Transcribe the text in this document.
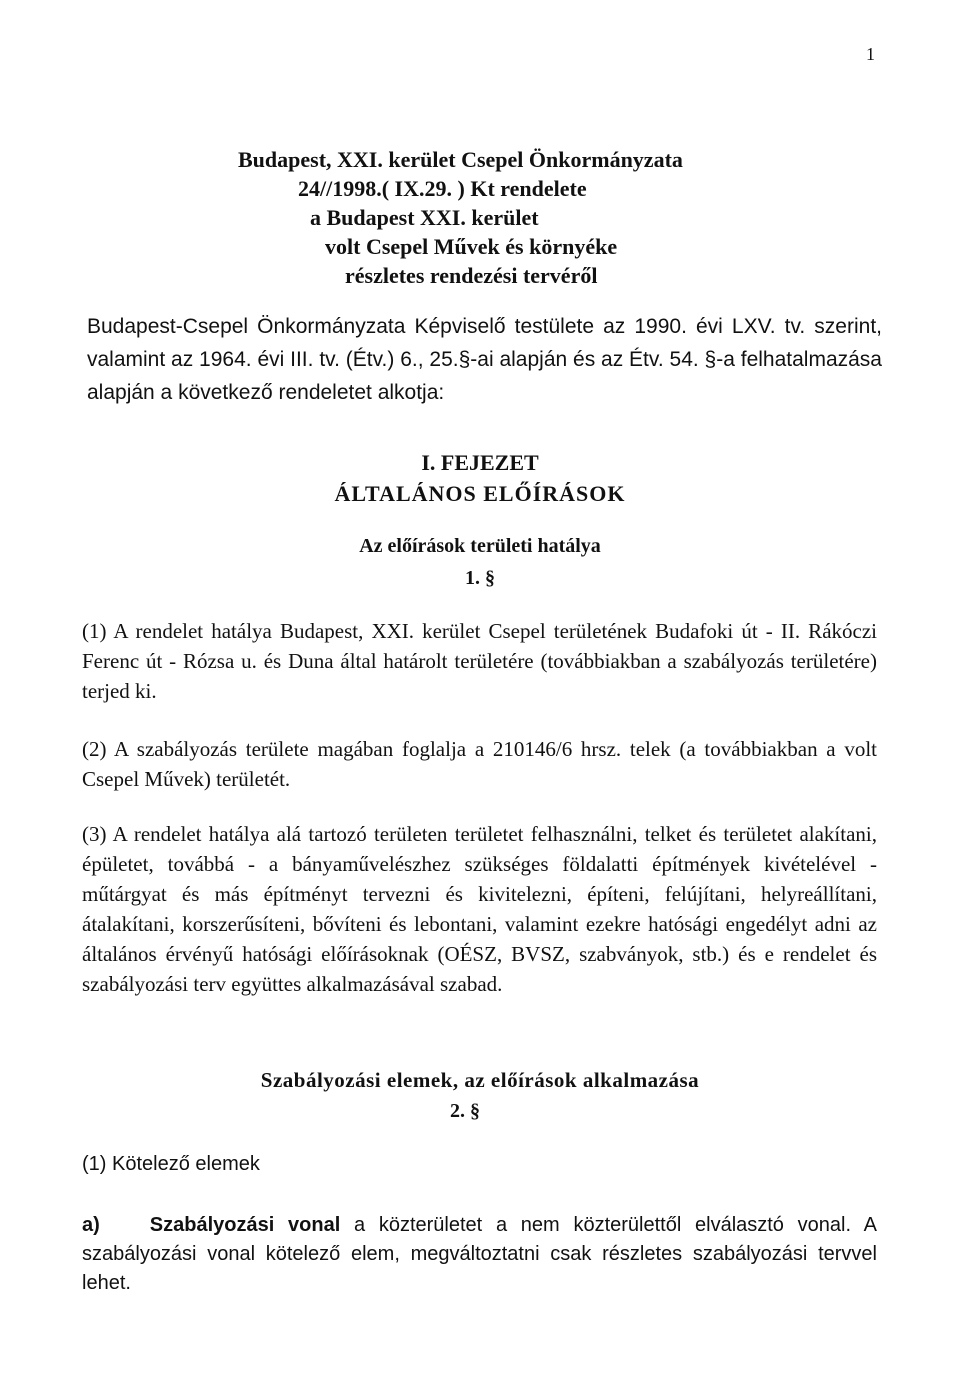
1
Budapest, XXI. kerület Csepel Önkormányzata
24//1998.( IX.29. ) Kt rendelete
a Budapest XXI. kerület
volt Csepel Művek és környéke
részletes rendezési tervéről

Budapest-Csepel Önkormányzata Képviselő testülete az 1990. évi LXV. tv. szerint, valamint az 1964. évi III. tv. (Étv.) 6., 25.§-ai alapján és az Étv. 54. §-a felhatalmazása alapján a következő rendeletet alkotja:

I. FEJEZET
ÁLTALÁNOS ELŐÍRÁSOK
Az előírások területi hatálya
1. §

(1) A rendelet hatálya Budapest, XXI. kerület Csepel területének Budafoki út - II. Rákóczi Ferenc út - Rózsa u. és Duna által határolt területére (továbbiakban a szabályozás területére) terjed ki.

(2) A szabályozás területe magában foglalja a 210146/6 hrsz. telek (a továbbiakban a volt Csepel Művek) területét.

(3) A rendelet hatálya alá tartozó területen területet felhasználni, telket és területet alakítani, épületet, továbbá - a bányaművelészhez szükséges földalatti építmények kivételével - műtárgyat és más építményt tervezni és kivitelezni, építeni, felújítani, helyreállítani, átalakítani, korszerűsíteni, bővíteni és lebontani, valamint ezekre hatósági engedélyt adni az általános érvényű hatósági előírásoknak (OÉSZ, BVSZ, szabványok, stb.) és e rendelet és szabályozási terv együttes alkalmazásával szabad.

Szabályozási elemek, az előírások alkalmazása
2. §
(1) Kötelező elemek

a)	Szabályozási vonal a közterületet a nem közterülettől elválasztó vonal. A szabályozási vonal kötelező elem, megváltoztatni csak részletes szabályozási tervvel lehet.
